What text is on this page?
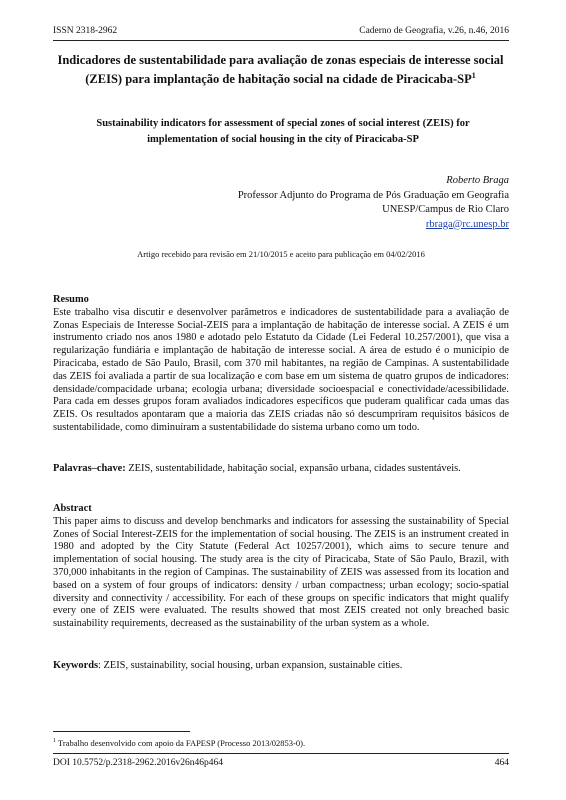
ISSN 2318-2962	Caderno de Geografia, v.26, n.46, 2016
Indicadores de sustentabilidade para avaliação de zonas especiais de interesse social (ZEIS) para implantação de habitação social na cidade de Piracicaba-$SP^1$
Sustainability indicators for assessment of special zones of social interest (ZEIS) for implementation of social housing in the city of Piracicaba-SP
Roberto Braga
Professor Adjunto do Programa de Pós Graduação em Geografia
UNESP/Campus de Rio Claro
rbraga@rc.unesp.br
Artigo recebido para revisão em 21/10/2015 e aceito para publicação em 04/02/2016
Resumo
Este trabalho visa discutir e desenvolver parâmetros e indicadores de sustentabilidade para a avaliação de Zonas Especiais de Interesse Social-ZEIS para a implantação de habitação de interesse social. A ZEIS é um instrumento criado nos anos 1980 e adotado pelo Estatuto da Cidade (Lei Federal 10.257/2001), que visa a regularização fundiária e implantação de habitação de interesse social. A área de estudo é o município de Piracicaba, estado de São Paulo, Brasil, com 370 mil habitantes, na região de Campinas. A sustentabilidade das ZEIS foi avaliada a partir de sua localização e com base em um sistema de quatro grupos de indicadores: densidade/compacidade urbana; ecologia urbana; diversidade socioespacial e conectividade/acessibilidade. Para cada em desses grupos foram avaliados indicadores específicos que puderam qualificar cada umas das ZEIS. Os resultados apontaram que a maioria das ZEIS criadas não só descumpriram requisitos básicos de sustentabilidade, como diminuíram a sustentabilidade do sistema urbano como um todo.
Palavras–chave: ZEIS, sustentabilidade, habitação social, expansão urbana, cidades sustentáveis.
Abstract
This paper aims to discuss and develop benchmarks and indicators for assessing the sustainability of Special Zones of Social Interest-ZEIS for the implementation of social housing. The ZEIS is an instrument created in 1980 and adopted by the City Statute (Federal Act 10257/2001), which aims to secure tenure and implementation of social housing. The study area is the city of Piracicaba, State of São Paulo, Brazil, with 370,000 inhabitants in the region of Campinas. The sustainability of ZEIS was assessed from its location and based on a system of four groups of indicators: density / urban compactness; urban ecology; socio-spatial diversity and connectivity / accessibility. For each of these groups on specific indicators that might qualify every one of ZEIS were evaluated. The results showed that most ZEIS created not only breached basic sustainability requirements, decreased as the sustainability of the urban system as a whole.
Keywords: ZEIS, sustainability, social housing, urban expansion, sustainable cities.
$^1$ Trabalho desenvolvido com apoio da FAPESP (Processo 2013/02853-0).
DOI 10.5752/p.2318-2962.2016v26n46p464	464
